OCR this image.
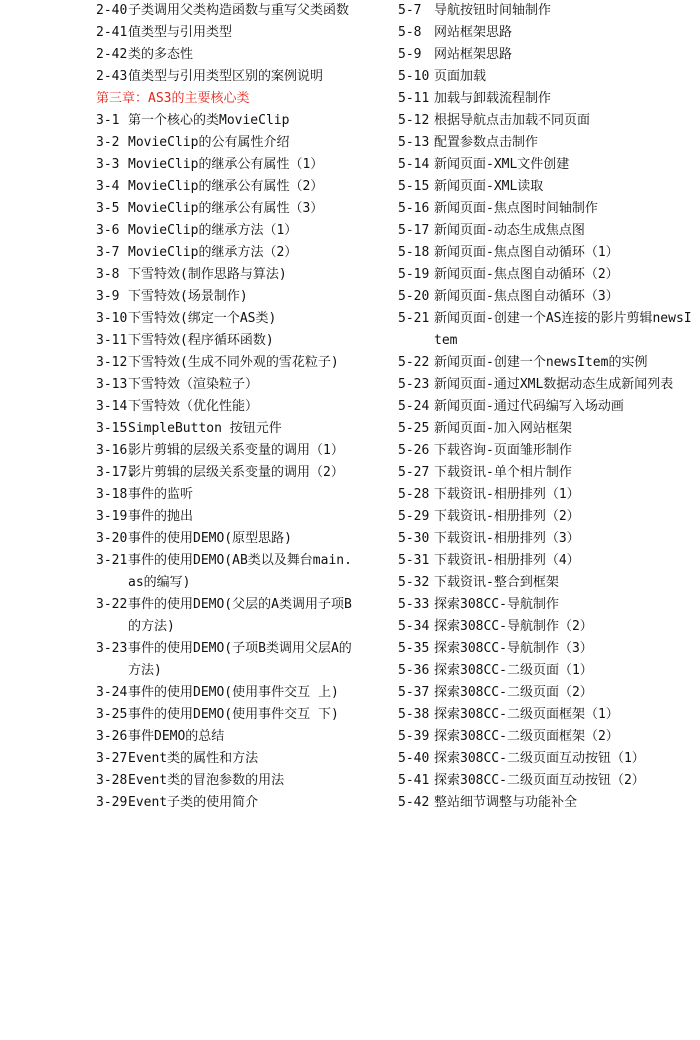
2-40 子类调用父类构造函数与重写父类函数
2-41 值类型与引用类型
2-42 类的多态性
2-43 值类型与引用类型区别的案例说明
第三章：AS3的主要核心类
3-1 第一个核心的类MovieClip
3-2 MovieClip的公有属性介绍
3-3 MovieClip的继承公有属性（1）
3-4 MovieClip的继承公有属性（2）
3-5 MovieClip的继承公有属性（3）
3-6 MovieClip的继承方法（1）
3-7 MovieClip的继承方法（2）
3-8 下雪特效(制作思路与算法)
3-9 下雪特效(场景制作)
3-10 下雪特效(绑定一个AS类)
3-11 下雪特效(程序循环函数)
3-12 下雪特效(生成不同外观的雪花粒子)
3-13 下雪特效（渲染粒子）
3-14 下雪特效（优化性能）
3-15 SimpleButton 按钮元件
3-16 影片剪辑的层级关系变量的调用（1）
3-17.
影片剪辑的层级关系变量的调用（2）
3-18 事件的监听
3-19 事件的抛出
3-20 事件的使用DEMO(原型思路)
3-21 事件的使用DEMO(AB类以及舞台main.as的编写)
3-22 事件的使用DEMO(父层的A类调用子项B的方法)
3-23 事件的使用DEMO(子项B类调用父层A的方法)
3-24 事件的使用DEMO(使用事件交互 上)
3-25 事件的使用DEMO(使用事件交互 下)
3-26 事件DEMO的总结
3-27 Event类的属性和方法
3-28 Event类的冒泡参数的用法
3-29 Event子类的使用简介
5-7 导航按钮时间轴制作
5-8 网站框架思路
5-9 网站框架思路
5-10 页面加载
5-11 加载与卸载流程制作
5-12 根据导航点击加载不同页面
5-13 配置参数点击制作
5-14 新闻页面-XML文件创建
5-15 新闻页面-XML读取
5-16 新闻页面-焦点图时间轴制作
5-17 新闻页面-动态生成焦点图
5-18 新闻页面-焦点图自动循环（1）
5-19 新闻页面-焦点图自动循环（2）
5-20 新闻页面-焦点图自动循环（3）
5-21 新闻页面-创建一个AS连接的影片剪辑newsItem
5-22 新闻页面-创建一个newsItem的实例
5-23 新闻页面-通过XML数据动态生成新闻列表
5-24 新闻页面-通过代码编写入场动画
5-25 新闻页面-加入网站框架
5-26 下载咨询-页面雏形制作
5-27 下载资讯-单个相片制作
5-28 下载资讯-相册排列（1）
5-29 下载资讯-相册排列（2）
5-30 下载资讯-相册排列（3）
5-31 下载资讯-相册排列（4）
5-32 下载资讯-整合到框架
5-33 探索308CC-导航制作
5-34 探索308CC-导航制作（2）
5-35 探索308CC-导航制作（3）
5-36 探索308CC-二级页面（1）
5-37 探索308CC-二级页面（2）
5-38 探索308CC-二级页面框架（1）
5-39 探索308CC-二级页面框架（2）
5-40 探索308CC-二级页面互动按钮（1）
5-41 探索308CC-二级页面互动按钮（2）
5-42 整站细节调整与功能补全
